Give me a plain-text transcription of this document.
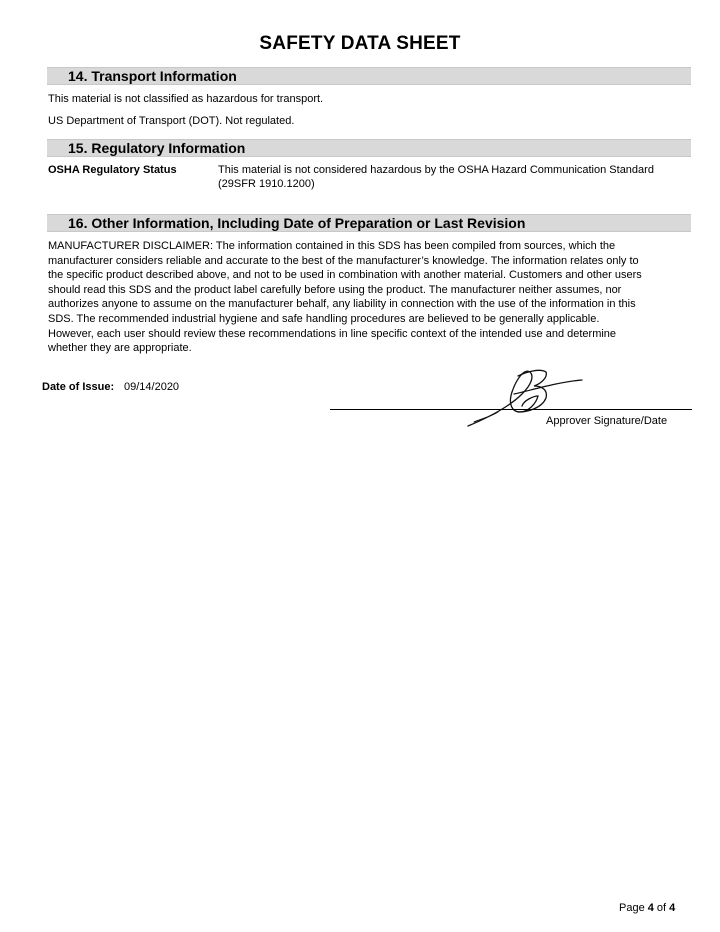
SAFETY DATA SHEET
14. Transport Information
This material is not classified as hazardous for transport.
US Department of Transport (DOT). Not regulated.
15. Regulatory Information
OSHA Regulatory Status	This material is not considered hazardous by the OSHA Hazard Communication Standard
(29SFR 1910.1200)
16. Other Information, Including Date of Preparation or Last Revision
MANUFACTURER DISCLAIMER: The information contained in this SDS has been compiled from sources, which the
manufacturer considers reliable and accurate to the best of the manufacturer’s knowledge. The information relates only to
the specific product described above, and not to be used in combination with another material. Customers and other users
should read this SDS and the product label carefully before using the product. The manufacturer neither assumes, nor
authorizes anyone to assume on the manufacturer behalf, any liability in connection with the use of the information in this
SDS. The recommended industrial hygiene and safe handling procedures are believed to be generally applicable.
However, each user should review these recommendations in line specific context of the intended use and determine
whether they are appropriate.
Date of Issue: 09/14/2020
Approver Signature/Date
Page 4 of 4
